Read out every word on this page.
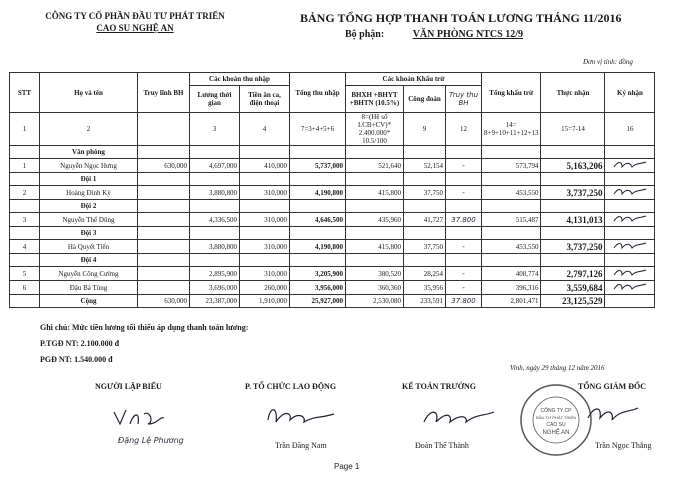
CÔNG TY CỔ PHẦN ĐẦU TƯ PHÁT TRIỂN
CAO SU NGHỆ AN
BẢNG TỔNG HỢP THANH TOÁN LƯƠNG THÁNG 11/2016
Bộ phận:	VĂN PHÒNG NTCS 12/9
Đơn vị tính: đồng
STT	Họ và tên	Truy lĩnh BH	Các khoản thu nhập		Tổng thu nhập	Các khoản Khấu trừ			Tổng khấu trừ	Thực nhận	Ký nhận
			Lương thời gian	Tiền ăn ca, điện thoại		BHXH +BHYT +BHTN (10.5%)	Công đoàn	Truy thu BH			
1	2		3	4	7=3+4+5+6	8=(Hệ số LCB+CV)* 2.400.000* 10.5/100	9	12	14= 8+9+10+11+12+13	15=7-14	16
	Văn phòng										
1	Nguyễn Ngọc Hưng	630,000	4,697,000	410,000	5,737,000	521,640	52,154	-	573,794	5,163,206	
	Đội 1										
2	Hoàng Đình Kỳ		3,880,800	310,000	4,190,800	415,800	37,750	-	453,550	3,737,250	
	Đội 2										
3	Nguyễn Thế Dũng		4,336,500	310,000	4,646,500	435,960	41,727	37.800	515,487	4,131,013	
	Đội 3										
4	Hà Quyết Tiến		3,880,800	310,000	4,190,800	415,800	37,750	-	453,550	3,737,250	
	Đội 4										
5	Nguyễn Công Cường		2,895,900	310,000	3,205,900	380,520	28,254	-	408,774	2,797,126	
6	Đậu Bá Tùng		3,696,000	260,000	3,956,000	360,360	35,956	-	396,316	3,559,684	
	Cộng	630,000	23,387,000	1,910,000	25,927,000	2,530,080	233,591	37.800	2,801,471	23,125,529	
Ghi chú: Mức tiền lương tối thiểu áp dụng thanh toán lương:
P.TGĐ NT: 2.100.000 đ
PGĐ NT: 1.540.000 đ
Vinh, ngày 29 tháng 12 năm 2016
NGƯỜI LẬP BIỂU	P. TỔ CHỨC LAO ĐỘNG	KẾ TOÁN TRƯỞNG	TỔNG GIÁM ĐỐC
Đặng Lệ Phương
Trần Đăng Nam	Đoàn Thế Thành
CÔNG TY CP
ĐẦU TƯ PHÁT TRIỂN
CAO SU
NGHỆ AN
Trần Ngọc Thắng
Page 1
